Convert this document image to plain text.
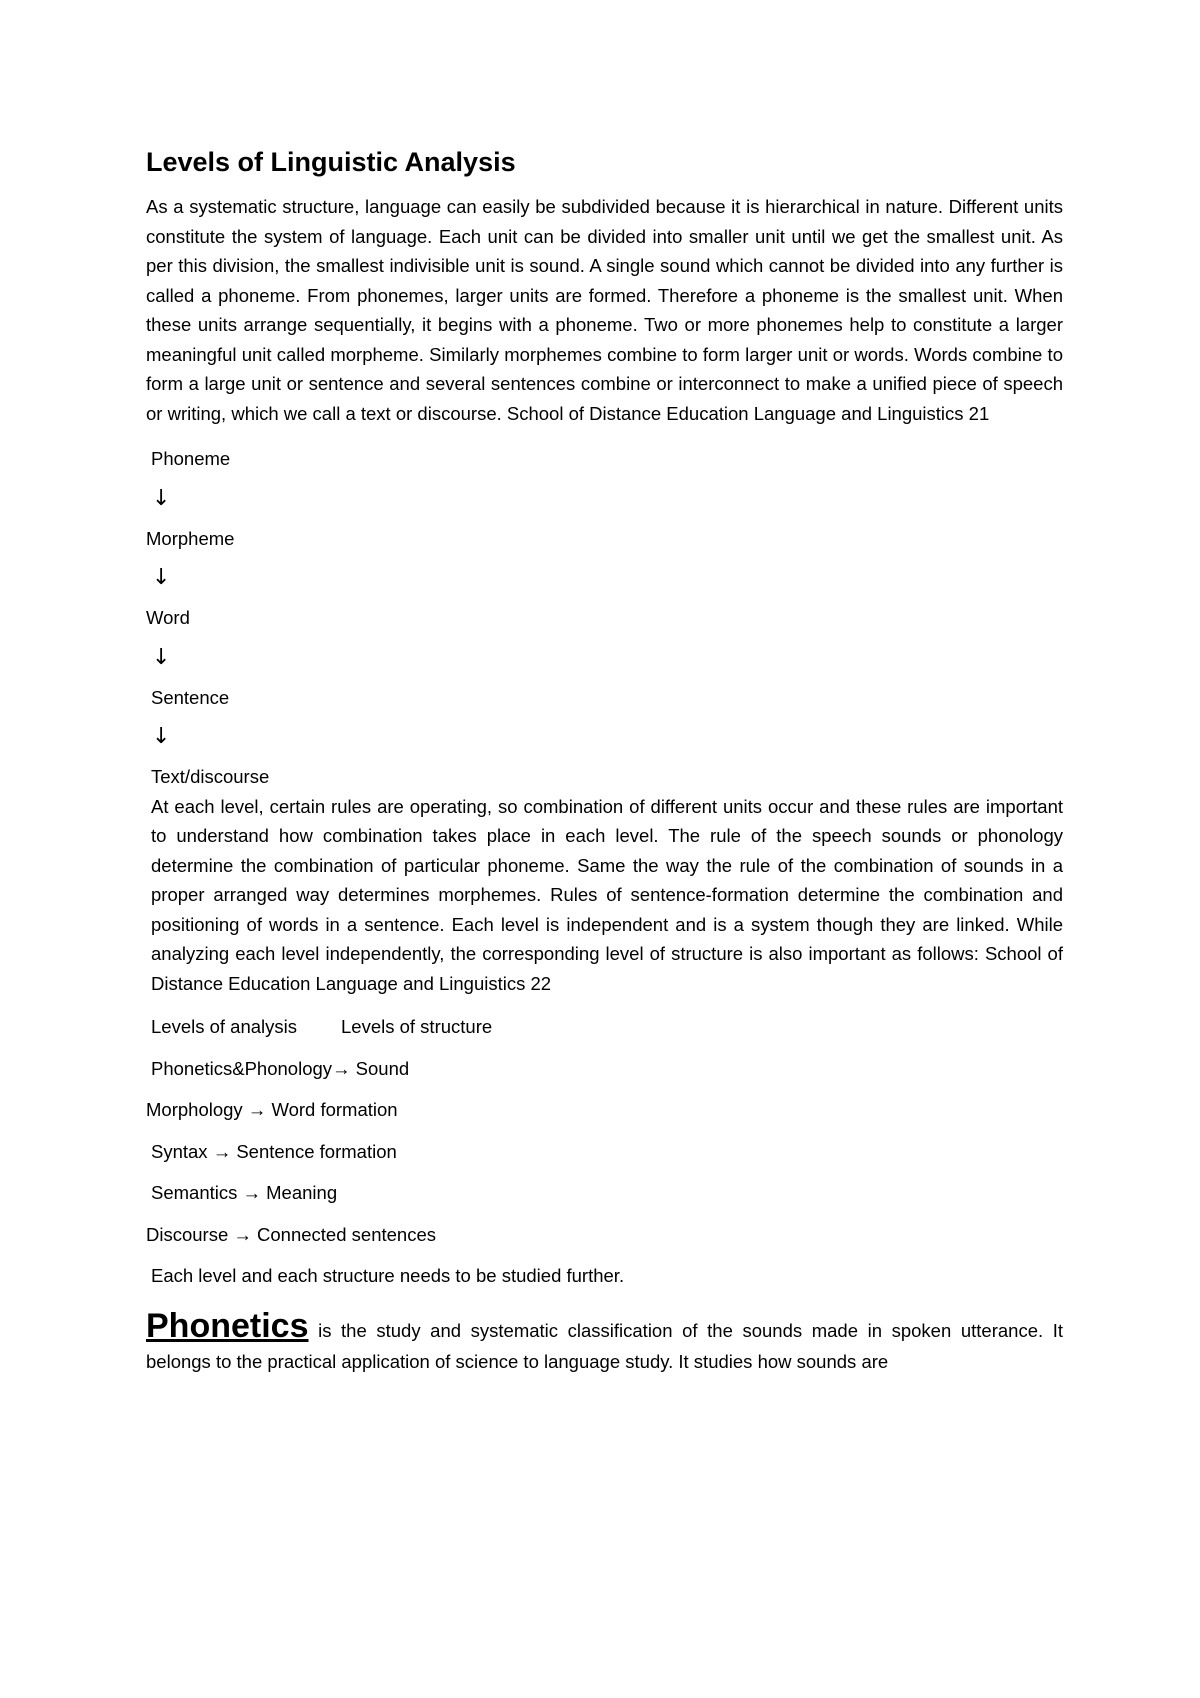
Levels of Linguistic Analysis

As a systematic structure, language can easily be subdivided because it is hierarchical in nature. Different units constitute the system of language. Each unit can be divided into smaller unit until we get the smallest unit. As per this division, the smallest indivisible unit is sound. A single sound which cannot be divided into any further is called a phoneme. From phonemes, larger units are formed. Therefore a phoneme is the smallest unit. When these units arrange sequentially, it begins with a phoneme. Two or more phonemes help to constitute a larger meaningful unit called morpheme. Similarly morphemes combine to form larger unit or words. Words combine to form a large unit or sentence and several sentences combine or interconnect to make a unified piece of speech or writing, which we call a text or discourse. School of Distance Education Language and Linguistics 21

Phoneme

↓

Morpheme

↓

Word

↓

Sentence

↓

Text/discourse

At each level, certain rules are operating, so combination of different units occur and these rules are important to understand how combination takes place in each level. The rule of the speech sounds or phonology determine the combination of particular phoneme. Same the way the rule of the combination of sounds in a proper arranged way determines morphemes. Rules of sentence-formation determine the combination and positioning of words in a sentence. Each level is independent and is a system though they are linked. While analyzing each level independently, the corresponding level of structure is also important as follows: School of Distance Education Language and Linguistics 22

Levels of analysis Levels of structure

Phonetics&Phonology→ Sound

Morphology → Word formation

Syntax → Sentence formation

Semantics → Meaning

Discourse → Connected sentences

Each level and each structure needs to be studied further.

Phonetics is the study and systematic classification of the sounds made in spoken utterance. It belongs to the practical application of science to language study. It studies how sounds are
